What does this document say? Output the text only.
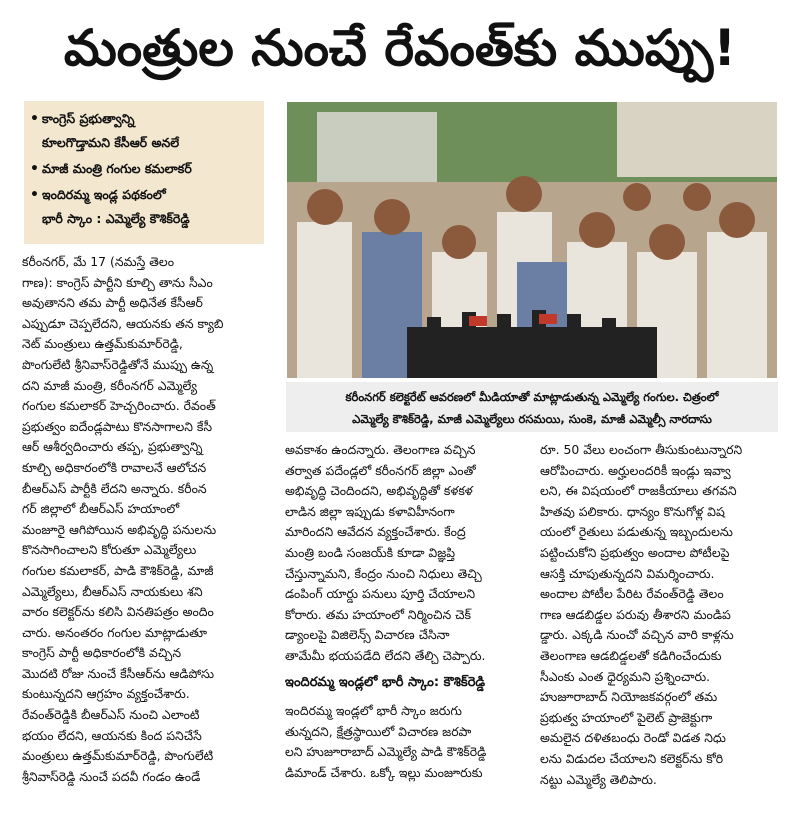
మంత్రుల నుంచే రేవంత్‌కు ముప్పు!
• కాంగ్రెస్ ప్రభుత్వాన్ని
కూలగొడ్తామని కేసీఆర్ అనలే
• మాజీ మంత్రి గంగుల కమలాకర్
• ఇందిరమ్మ ఇండ్ల పథకంలో
భారీ స్కాం : ఎమ్మెల్యే కౌశిక్‌రెడ్డి
కరీంనగర్, మే 17 (నమస్తే తెలం
గాణ): కాంగ్రెస్ పార్టీని కూల్చి తాను సీఎం
అవుతానని తమ పార్టీ అధినేత కేసీఆర్
ఎప్పుడూ చెప్పలేదని, ఆయనకు తన క్యాబి
నెట్ మంత్రులు ఉత్తమ్‌కుమార్‌రెడ్డి,
పొంగులేటి శ్రీనివాస్‌రెడ్డితోనే ముప్పు ఉన్న
దని మాజీ మంత్రి, కరీంనగర్ ఎమ్మెల్యే
గంగుల కమలాకర్ హెచ్చరించారు. రేవంత్
ప్రభుత్వం ఐదేండ్లపాటు కొనసాగాలని కేసీ
ఆర్ ఆశీర్వదించారు తప్ప, ప్రభుత్వాన్ని
కూల్చి అధికారంలోకి రావాలనే ఆలోచన
బీఆర్‌ఎస్ పార్టీకి లేదని అన్నారు. కరీంన
గర్ జిల్లాలో బీఆర్‌ఎస్ హయాంలో
మంజూరై ఆగిపోయిన అభివృద్ధి పనులను
కొనసాగించాలని కోరుతూ ఎమ్మెల్యేలు
గంగుల కమలాకర్, పాడి కౌశిక్‌రెడ్డి, మాజీ
ఎమ్మెల్యేలు, బీఆర్‌ఎస్ నాయకులు శని
వారం కలెక్టర్‌ను కలిసి వినతిపత్రం అందిం
చారు. అనంతరం గంగుల మాట్లాడుతూ
కాంగ్రెస్ పార్టీ అధికారంలోకి వచ్చిన
మొదటి రోజు నుంచే కేసీఆర్‌ను ఆడిపోసు
కుంటున్నదని ఆగ్రహం వ్యక్తంచేశారు.
రేవంత్‌రెడ్డికి బీఆర్‌ఎస్ నుంచి ఎలాంటి
భయం లేదని, ఆయనకు కింద పనిచేసే
మంత్రులు ఉత్తమ్‌కుమార్‌రెడ్డి, పొంగులేటి
శ్రీనివాస్‌రెడ్డి నుంచే పదవీ గండం ఉండే
కరీంనగర్ కలెక్టరేట్ ఆవరణలో మీడియాతో మాట్లాడుతున్న ఎమ్మెల్యే గంగుల. చిత్రంలో
ఎమ్మెల్యే కౌశిక్‌రెడ్డి, మాజీ ఎమ్మెల్యేలు రసమయి, సుంకె, మాజీ ఎమ్మెల్సీ నారదాసు
అవకాశం ఉందన్నారు. తెలంగాణ వచ్చిన
తర్వాత పదేండ్లలో కరీంనగర్ జిల్లా ఎంతో
అభివృద్ధి చెందిందని, అభివృద్ధితో కళకళ
లాడిన జిల్లా ఇప్పుడు కళావిహీనంగా
మారిందని ఆవేదన వ్యక్తంచేశారు. కేంద్ర
మంత్రి బండి సంజయ్‌కి కూడా విజ్ఞప్తి
చేస్తున్నామని, కేంద్రం నుంచి నిధులు తెచ్చి
డంపింగ్ యార్డు పనులు పూర్తి చేయాలని
కోరారు. తమ హయాంలో నిర్మించిన చెక్
డ్యాంలపై విజిలెన్స్ విచారణ చేసినా
తామేమీ భయపడేది లేదని తేల్చి చెప్పారు.
ఇందిరమ్మ ఇండ్లలో భారీ స్కాం: కౌశిక్‌రెడ్డి
ఇందిరమ్మ ఇండ్లలో భారీ స్కాం జరుగు
తున్నదని, క్షేత్రస్థాయిలో విచారణ జరపా
లని హుజూరాబాద్ ఎమ్మెల్యే పాడి కౌశిక్‌రెడ్డి
డిమాండ్ చేశారు. ఒక్కో ఇల్లు మంజూరుకు
రూ. 50 వేలు లంచంగా తీసుకుంటున్నారని
ఆరోపించారు. అర్హులందరికీ ఇండ్లు ఇవ్వా
లని, ఈ విషయంలో రాజకీయాలు తగవని
హితవు పలికారు. ధాన్యం కొనుగోళ్ల విష
యంలో రైతులు పడుతున్న ఇబ్బందులను
పట్టించుకోని ప్రభుత్వం అందాల పోటీలపై
ఆసక్తి చూపుతున్నదని విమర్శించారు.
అందాల పోటీల పేరిట రేవంత్‌రెడ్డి తెలం
గాణ ఆడబిడ్డల పరువు తీశారని మండిప
డ్డారు. ఎక్కడి నుంచో వచ్చిన వారి కాళ్లను
తెలంగాణ ఆడబిడ్డలతో కడిగించేందుకు
సీఎంకు ఎంత ధైర్యమని ప్రశ్నించారు.
హుజూరాబాద్ నియోజకవర్గంలో తమ
ప్రభుత్వ హయాంలో పైలెట్ ప్రాజెక్టుగా
అమలైన దళితబంధు రెండో విడత నిధు
లను విడుదల చేయాలని కలెక్టర్‌ను కోరి
నట్టు ఎమ్మెల్యే తెలిపారు.
